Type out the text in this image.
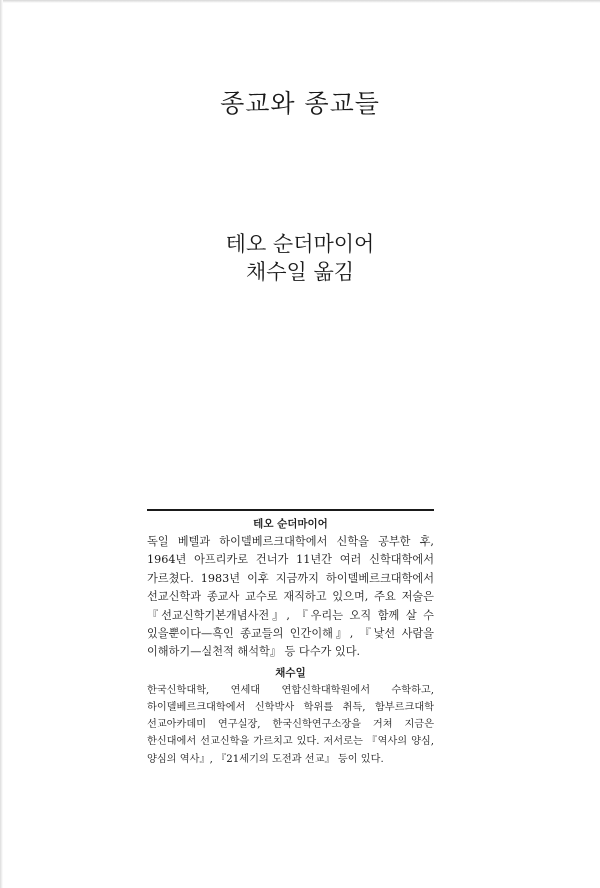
종교와 종교들
테오 순더마이어
채수일 옮김
테오 순더마이어

독일 베텔과 하이델베르크대학에서 신학을 공부한 후, 1964년 아프리카로 건너가 11년간 여러 신학대학에서 가르쳤다. 1983년 이후 지금까지 하이델베르크대학에서 선교신학과 종교사 교수로 재직하고 있으며, 주요 저술은 『선교신학기본개념사전』, 『우리는 오직 함께 살 수 있을뿐이다—흑인 종교들의 인간이해』, 『낯선 사람을 이해하기—실천적 해석학』 등 다수가 있다.

채수일

한국신학대학, 연세대 연합신학대학원에서 수학하고, 하이델베르크대학에서 신학박사 학위를 취득, 함부르크대학 선교아카데미 연구실장, 한국신학연구소장을 거쳐 지금은 한신대에서 선교신학을 가르치고 있다. 저서로는 『역사의 양심, 양심의 역사』, 『21세기의 도전과 선교』 등이 있다.
